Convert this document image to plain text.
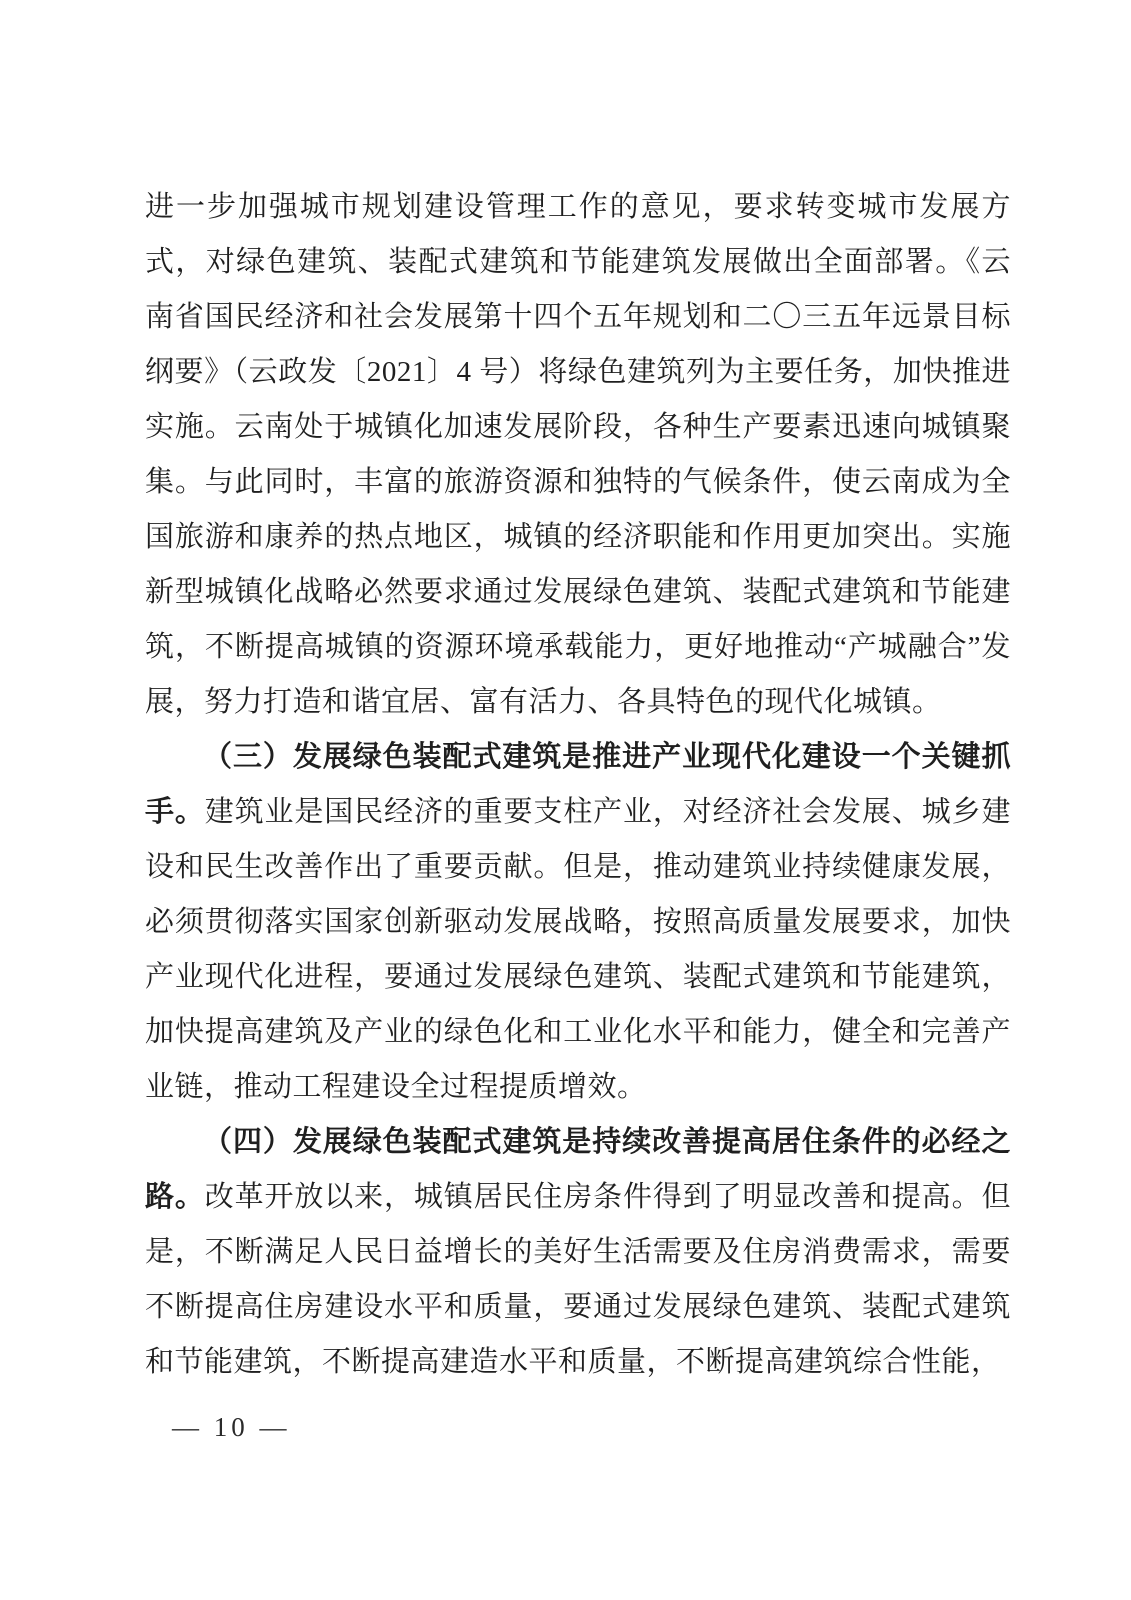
进一步加强城市规划建设管理工作的意见，要求转变城市发展方式，对绿色建筑、装配式建筑和节能建筑发展做出全面部署。《云南省国民经济和社会发展第十四个五年规划和二〇三五年远景目标纲要》（云政发〔2021〕4 号）将绿色建筑列为主要任务，加快推进实施。云南处于城镇化加速发展阶段，各种生产要素迅速向城镇聚集。与此同时，丰富的旅游资源和独特的气候条件，使云南成为全国旅游和康养的热点地区，城镇的经济职能和作用更加突出。实施新型城镇化战略必然要求通过发展绿色建筑、装配式建筑和节能建筑，不断提高城镇的资源环境承载能力，更好地推动“产城融合”发展，努力打造和谐宜居、富有活力、各具特色的现代化城镇。

（三）发展绿色装配式建筑是推进产业现代化建设一个关键抓手。建筑业是国民经济的重要支柱产业，对经济社会发展、城乡建设和民生改善作出了重要贡献。但是，推动建筑业持续健康发展，必须贯彻落实国家创新驱动发展战略，按照高质量发展要求，加快产业现代化进程，要通过发展绿色建筑、装配式建筑和节能建筑，加快提高建筑及产业的绿色化和工业化水平和能力，健全和完善产业链，推动工程建设全过程提质增效。

（四）发展绿色装配式建筑是持续改善提高居住条件的必经之路。改革开放以来，城镇居民住房条件得到了明显改善和提高。但是，不断满足人民日益增长的美好生活需要及住房消费需求，需要不断提高住房建设水平和质量，要通过发展绿色建筑、装配式建筑和节能建筑，不断提高建造水平和质量，不断提高建筑综合性能，

— 10 —
